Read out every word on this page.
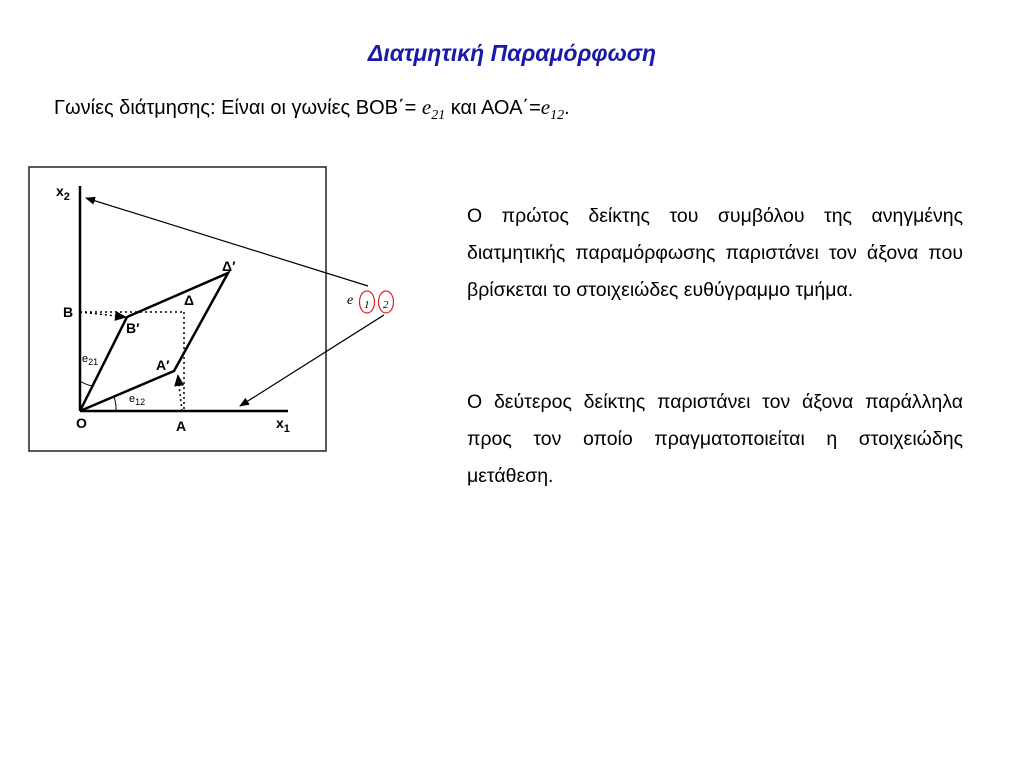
Διατμητική Παραμόρφωση
Γωνίες διάτμησης: Είναι οι γωνίες $BOB΄= e_{21}$ και $AOA΄=e_{12}$.
$x_2$
$x_1$
O	A
A′
B
B′
Δ
Δ′
$e_{21}$
$e_{12}$
e 1 2
Ο πρώτος δείκτης του συμβόλου της ανηγμένης διατμητικής παραμόρφωσης παριστάνει τον άξονα που βρίσκεται το στοιχειώδες ευθύγραμμο τμήμα.
Ο δεύτερος δείκτης παριστάνει τον άξονα παράλληλα προς τον οποίο πραγματοποιείται η στοιχειώδης μετάθεση.
